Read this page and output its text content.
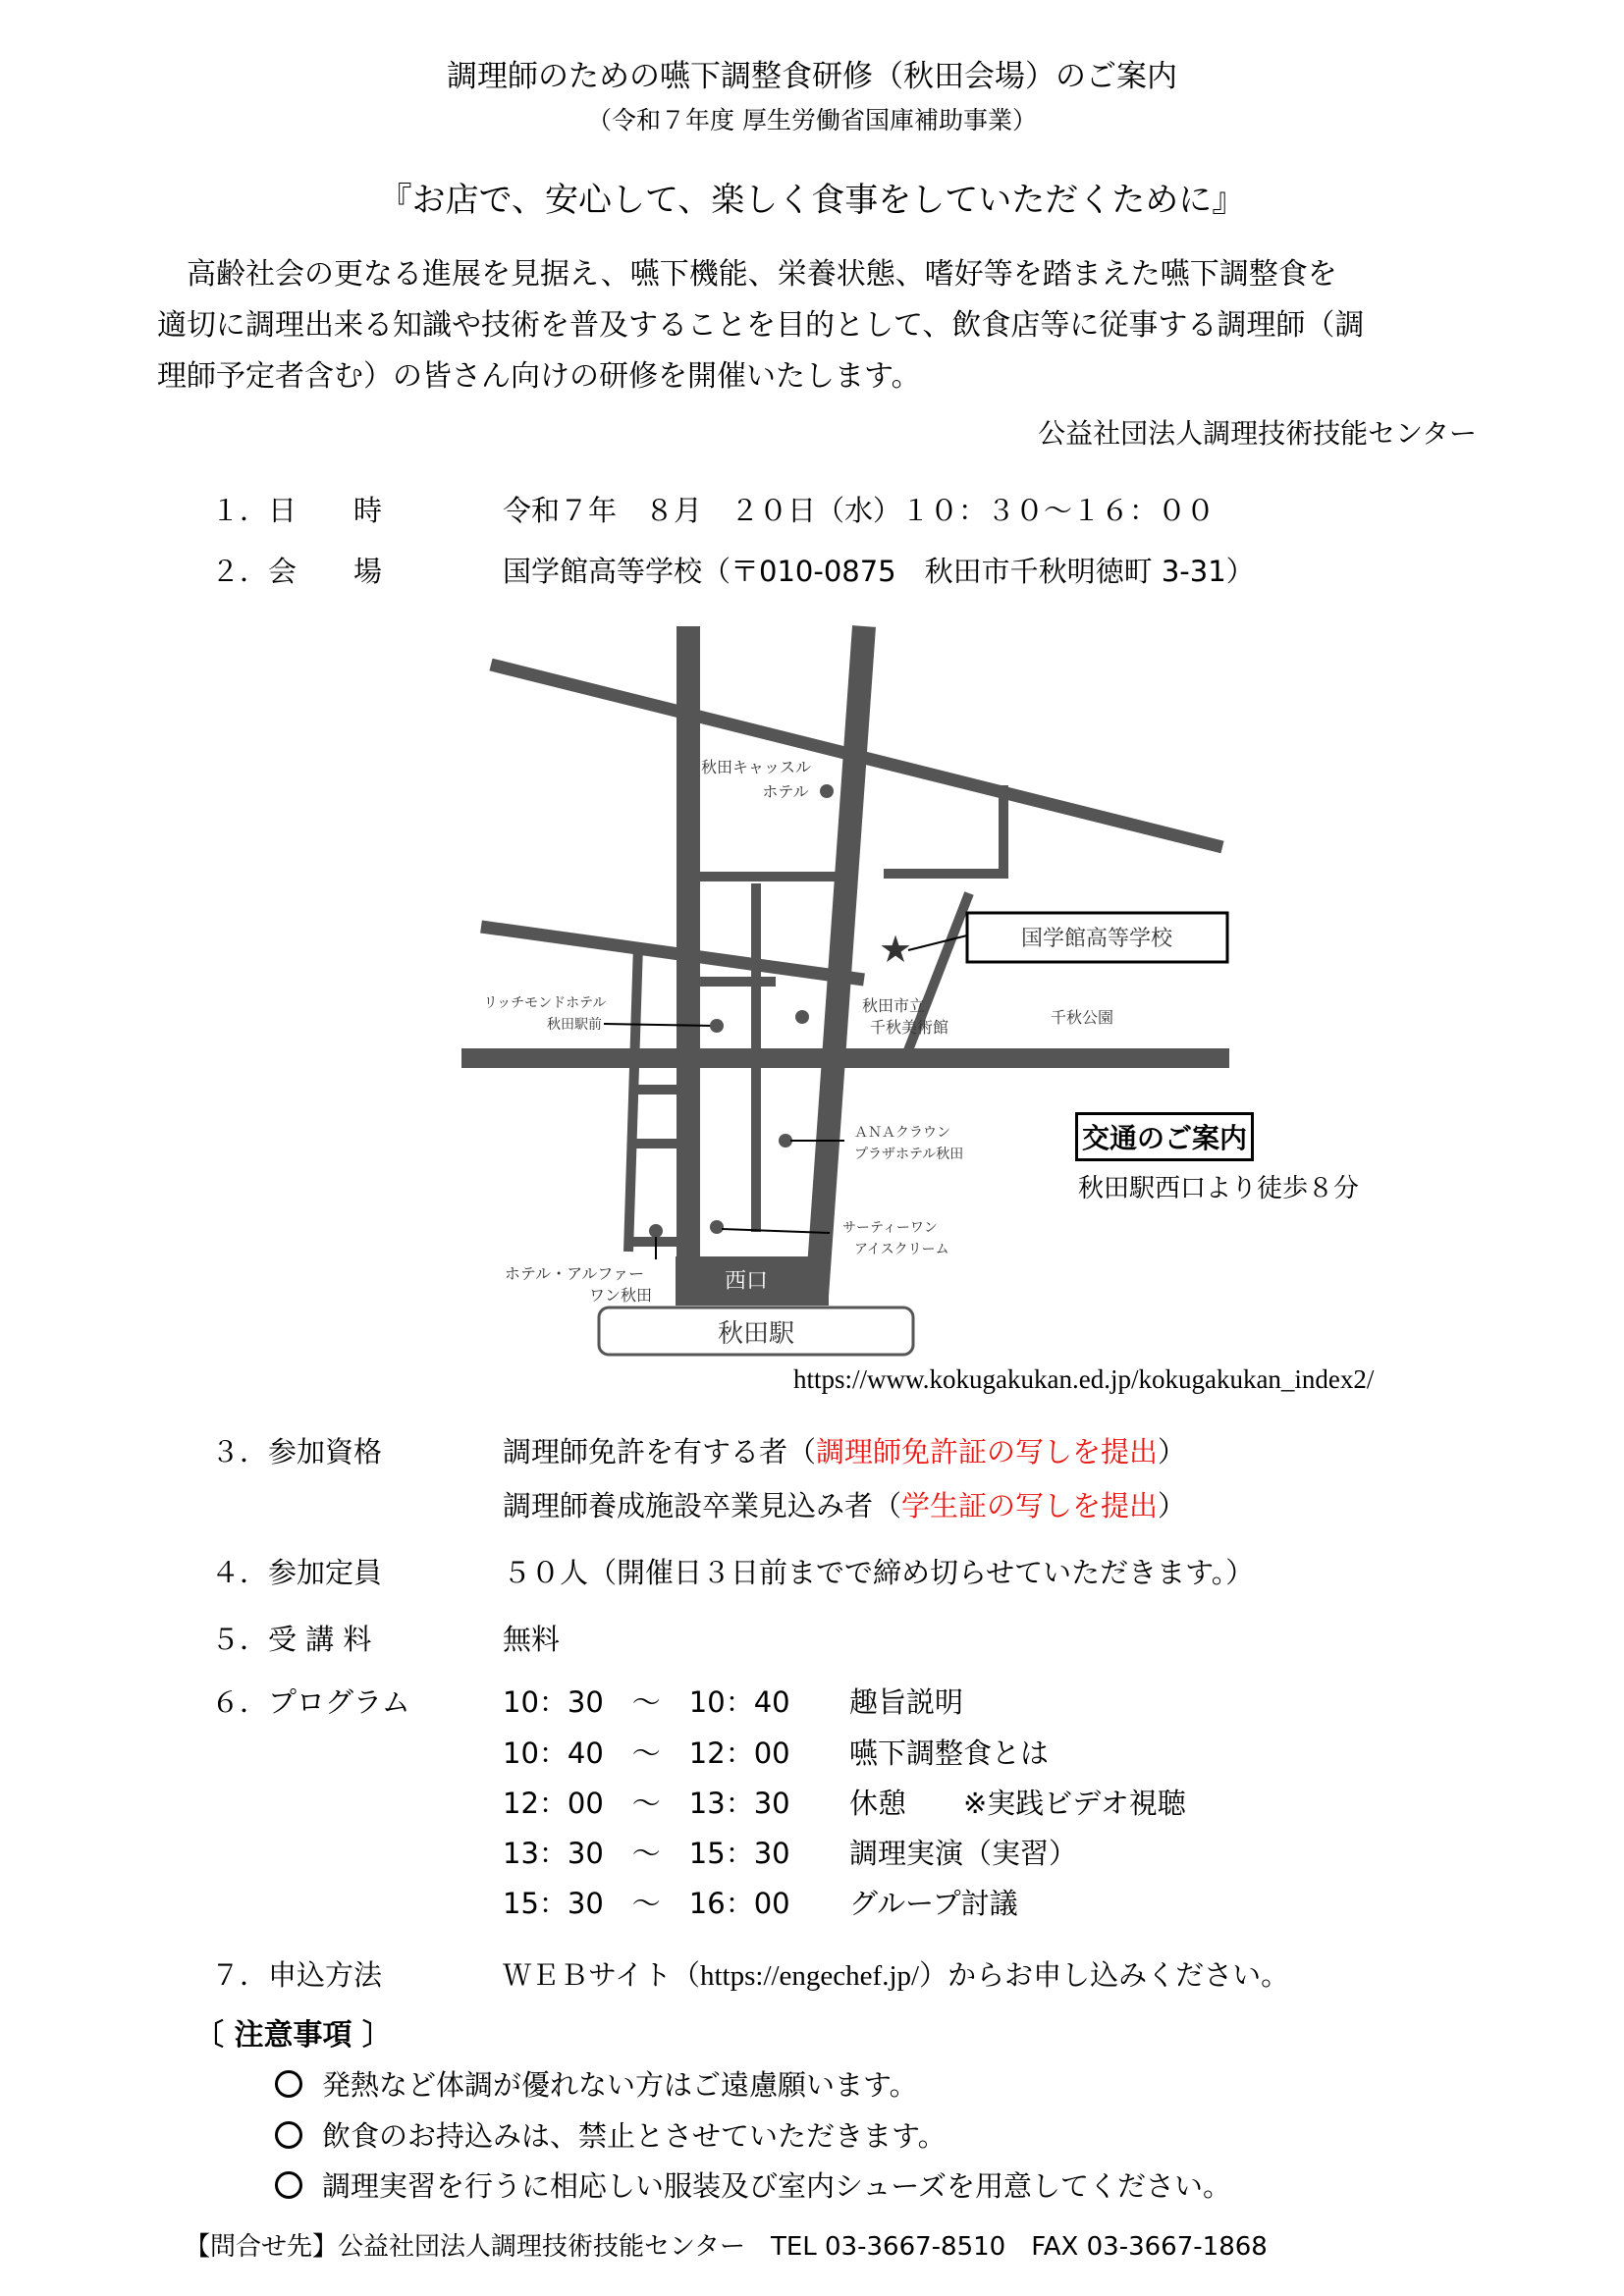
調理師のための嚥下調整食研修（秋田会場）のご案内
（令和７年度 厚生労働省国庫補助事業）
『お店で、安心して、楽しく食事をしていただくために』

高齢社会の更なる進展を見据え、嚥下機能、栄養状態、嗜好等を踏まえた嚥下調整食を

適切に調理出来る知識や技術を普及することを目的として、飲食店等に従事する調理師（調

理師予定者含む）の皆さん向けの研修を開催いたします。

公益社団法人調理技術技能センター
１．日　　時	令和７年　８月　２０日（水）１０：３０～１６：００
２．会　　場	国学館高等学校（〒010-0875　秋田市千秋明徳町 3-31）
西口
秋田駅
秋田キャッスル
ホテル
★	国学館高等学校
リッチモンドホテル
秋田駅前
秋田市立
千秋美術館
千秋公園
ＡＮＡクラウン
プラザホテル秋田
サーティーワン
アイスクリーム
ホテル・アルファー
ワン秋田
交通のご案内
秋田駅西口より徒歩８分
https://www.kokugakukan.ed.jp/kokugakukan_index2/
３．参加資格	調理師免許を有する者（調理師免許証の写しを提出）
調理師養成施設卒業見込み者（学生証の写しを提出）
４．参加定員	５０人（開催日３日前までで締め切らせていただきます。）
５．受 講 料	無料
６．プログラム	10：30　～　10：40 趣旨説明
10：40　～　12：00 嚥下調整食とは
12：00　～　13：30 休憩　　※実践ビデオ視聴
13：30　～　15：30 調理実演（実習）
15：30　～　16：00 グループ討議
７．申込方法	ＷＥＢサイト（https://engechef.jp/）からお申し込みください。
〔 注意事項 〕
発熱など体調が優れない方はご遠慮願います。
飲食のお持込みは、禁止とさせていただきます。
調理実習を行うに相応しい服装及び室内シューズを用意してください。
【問合せ先】公益社団法人調理技術技能センター　TEL 03-3667-8510　FAX 03-3667-1868
